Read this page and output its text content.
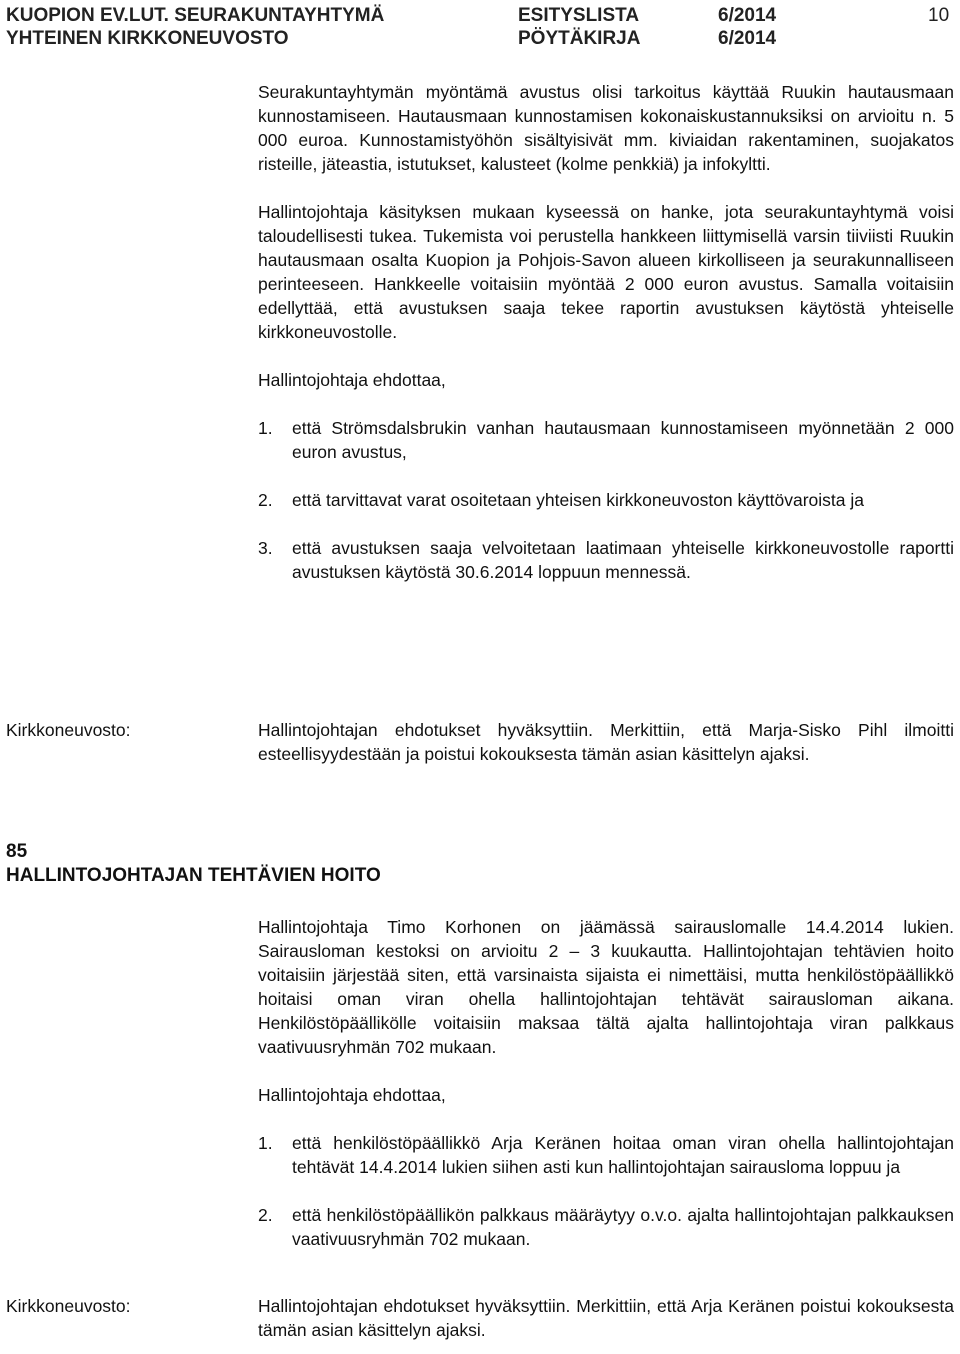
KUOPION EV.LUT. SEURAKUNTAYHTYMÄ
YHTEINEN KIRKKONEUVOSTO
ESITYSLISTA
PÖYTÄKIRJA
6/2014
6/2014
10

Seurakuntayhtymän myöntämä avustus olisi tarkoitus käyttää Ruukin hautausmaan kunnostamiseen. Hautausmaan kunnostamisen kokonaiskustannuksiksi on arvioitu n. 5 000 euroa. Kunnostamistyöhön sisältyisivät mm. kiviaidan rakentaminen, suojakatos risteille, jäteastia, istutukset, kalusteet (kolme penkkiä) ja infokyltti.

Hallintojohtaja käsityksen mukaan kyseessä on hanke, jota seurakuntayhtymä voisi taloudellisesti tukea. Tukemista voi perustella hankkeen liittymisellä varsin tiiviisti Ruukin hautausmaan osalta Kuopion ja Pohjois-Savon alueen kirkolliseen ja seurakunnalliseen perinteeseen. Hankkeelle voitaisiin myöntää 2 000 euron avustus. Samalla voitaisiin edellyttää, että avustuksen saaja tekee raportin avustuksen käytöstä yhteiselle kirkkoneuvostolle.

Hallintojohtaja ehdottaa,

1.	että Strömsdalsbrukin vanhan hautausmaan kunnostamiseen myönnetään 2 000 euron avustus,
2.	että tarvittavat varat osoitetaan yhteisen kirkkoneuvoston käyttövaroista ja
3.	että avustuksen saaja velvoitetaan laatimaan yhteiselle kirkkoneuvostolle raportti avustuksen käytöstä 30.6.2014 loppuun mennessä.
Kirkkoneuvosto:	Hallintojohtajan ehdotukset hyväksyttiin. Merkittiin, että Marja-Sisko Pihl ilmoitti esteellisyydestään ja poistui kokouksesta tämän asian käsittelyn ajaksi.

85
HALLINTOJOHTAJAN TEHTÄVIEN HOITO

Hallintojohtaja Timo Korhonen on jäämässä sairauslomalle 14.4.2014 lukien. Sairausloman kestoksi on arvioitu 2 – 3 kuukautta. Hallintojohtajan tehtävien hoito voitaisiin järjestää siten, että varsinaista sijaista ei nimettäisi, mutta henkilöstöpäällikkö hoitaisi oman viran ohella hallintojohtajan tehtävät sairausloman aikana. Henkilöstöpäällikölle voitaisiin maksaa tältä ajalta hallintojohtaja viran palkkaus vaativuusryhmän 702 mukaan.

Hallintojohtaja ehdottaa,

1.	että henkilöstöpäällikkö Arja Keränen hoitaa oman viran ohella hallintojohtajan tehtävät 14.4.2014 lukien siihen asti kun hallintojohtajan sairausloma loppuu ja
2.	että henkilöstöpäällikön palkkaus määräytyy o.v.o. ajalta hallintojohtajan palkkauksen vaativuusryhmän 702 mukaan.
Kirkkoneuvosto:	Hallintojohtajan ehdotukset hyväksyttiin. Merkittiin, että Arja Keränen poistui kokouksesta tämän asian käsittelyn ajaksi.
